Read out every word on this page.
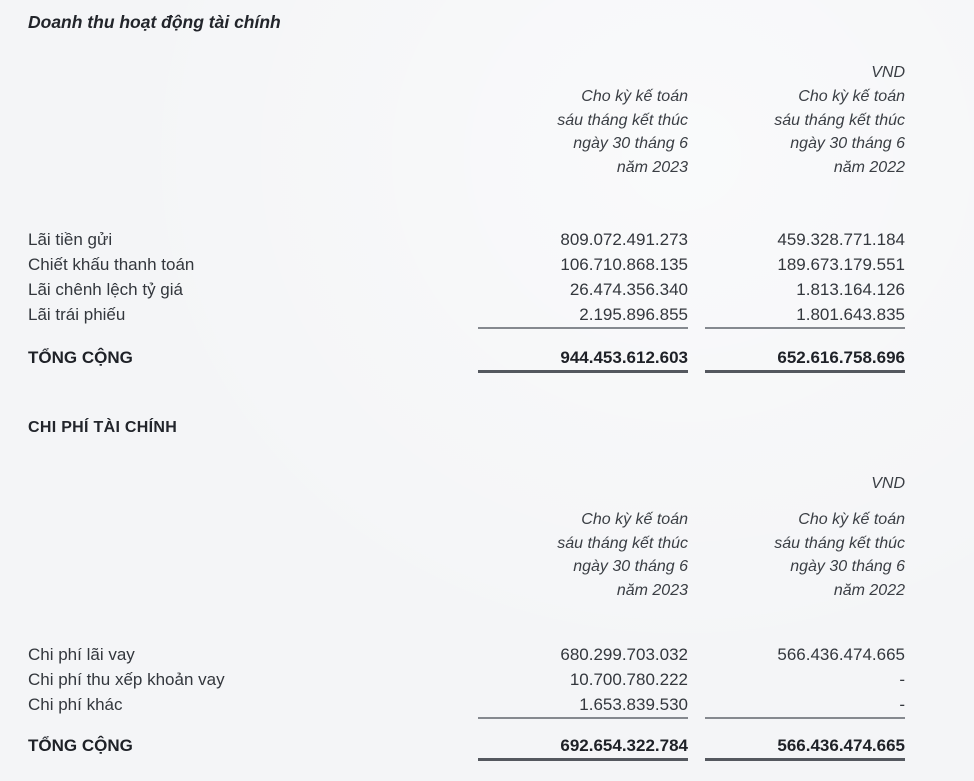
Doanh thu hoạt động tài chính
VND
Cho kỳ kế toán
sáu tháng kết thúc
ngày 30 tháng 6
năm 2023
Cho kỳ kế toán
sáu tháng kết thúc
ngày 30 tháng 6
năm 2022
Lãi tiền gửi	809.072.491.273	459.328.771.184
Chiết khấu thanh toán	106.710.868.135	189.673.179.551
Lãi chênh lệch tỷ giá	26.474.356.340	1.813.164.126
Lãi trái phiếu	2.195.896.855	1.801.643.835
TỔNG CỘNG	944.453.612.603	652.616.758.696
CHI PHÍ TÀI CHÍNH
VND
Cho kỳ kế toán
sáu tháng kết thúc
ngày 30 tháng 6
năm 2023
Cho kỳ kế toán
sáu tháng kết thúc
ngày 30 tháng 6
năm 2022
Chi phí lãi vay	680.299.703.032	566.436.474.665
Chi phí thu xếp khoản vay	10.700.780.222	-
Chi phí khác	1.653.839.530	-
TỔNG CỘNG	692.654.322.784	566.436.474.665
